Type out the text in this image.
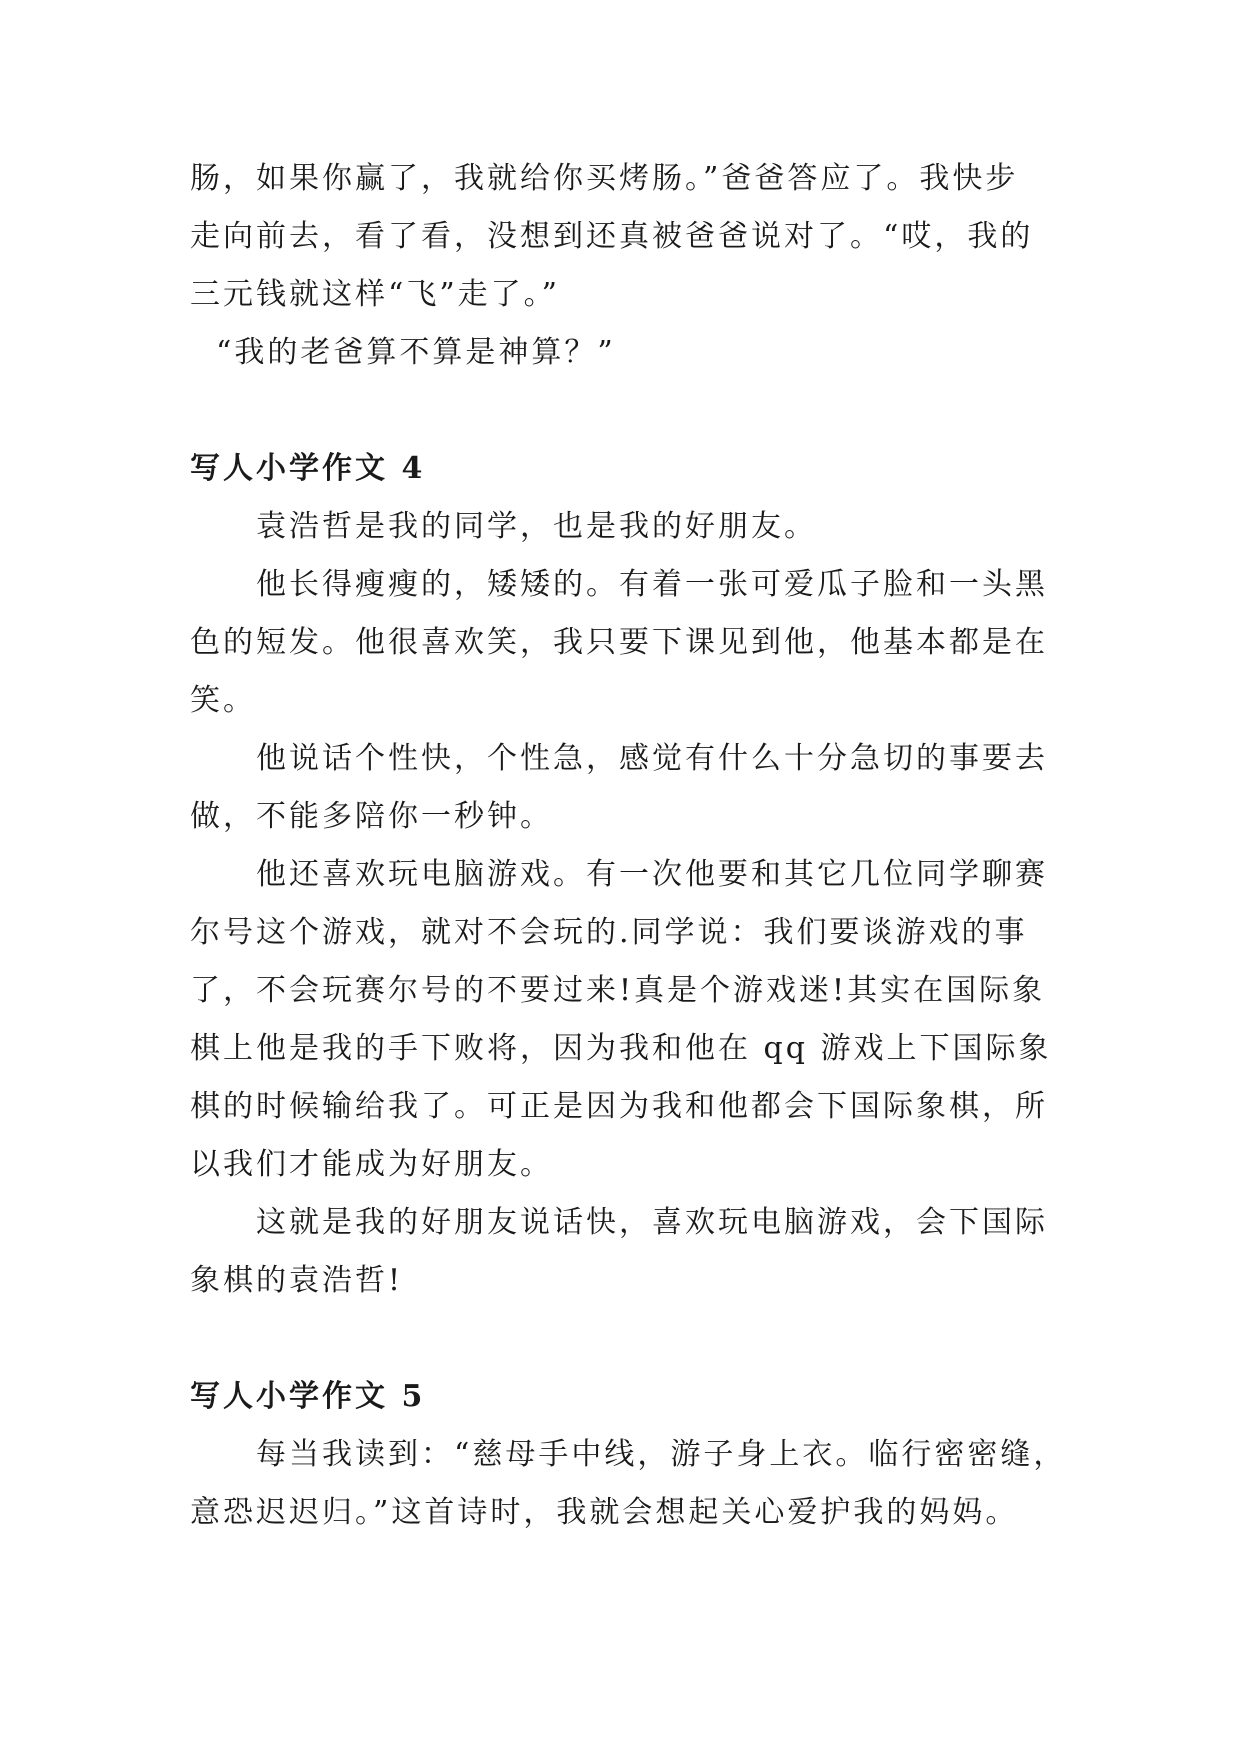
肠，如果你赢了，我就给你买烤肠。”爸爸答应了。我快步

走向前去，看了看，没想到还真被爸爸说对了。“哎，我的

三元钱就这样“飞”走了。”

“我的老爸算不算是神算？”

写人小学作文 4

袁浩哲是我的同学，也是我的好朋友。

他长得瘦瘦的，矮矮的。有着一张可爱瓜子脸和一头黑

色的短发。他很喜欢笑，我只要下课见到他，他基本都是在

笑。

他说话个性快，个性急，感觉有什么十分急切的事要去

做，不能多陪你一秒钟。

他还喜欢玩电脑游戏。有一次他要和其它几位同学聊赛

尔号这个游戏，就对不会玩的.同学说：我们要谈游戏的事

了，不会玩赛尔号的不要过来!真是个游戏迷!其实在国际象

棋上他是我的手下败将，因为我和他在 qq 游戏上下国际象

棋的时候输给我了。可正是因为我和他都会下国际象棋，所

以我们才能成为好朋友。

这就是我的好朋友说话快，喜欢玩电脑游戏，会下国际

象棋的袁浩哲!

写人小学作文 5

每当我读到：“慈母手中线，游子身上衣。临行密密缝，

意恐迟迟归。”这首诗时，我就会想起关心爱护我的妈妈。
